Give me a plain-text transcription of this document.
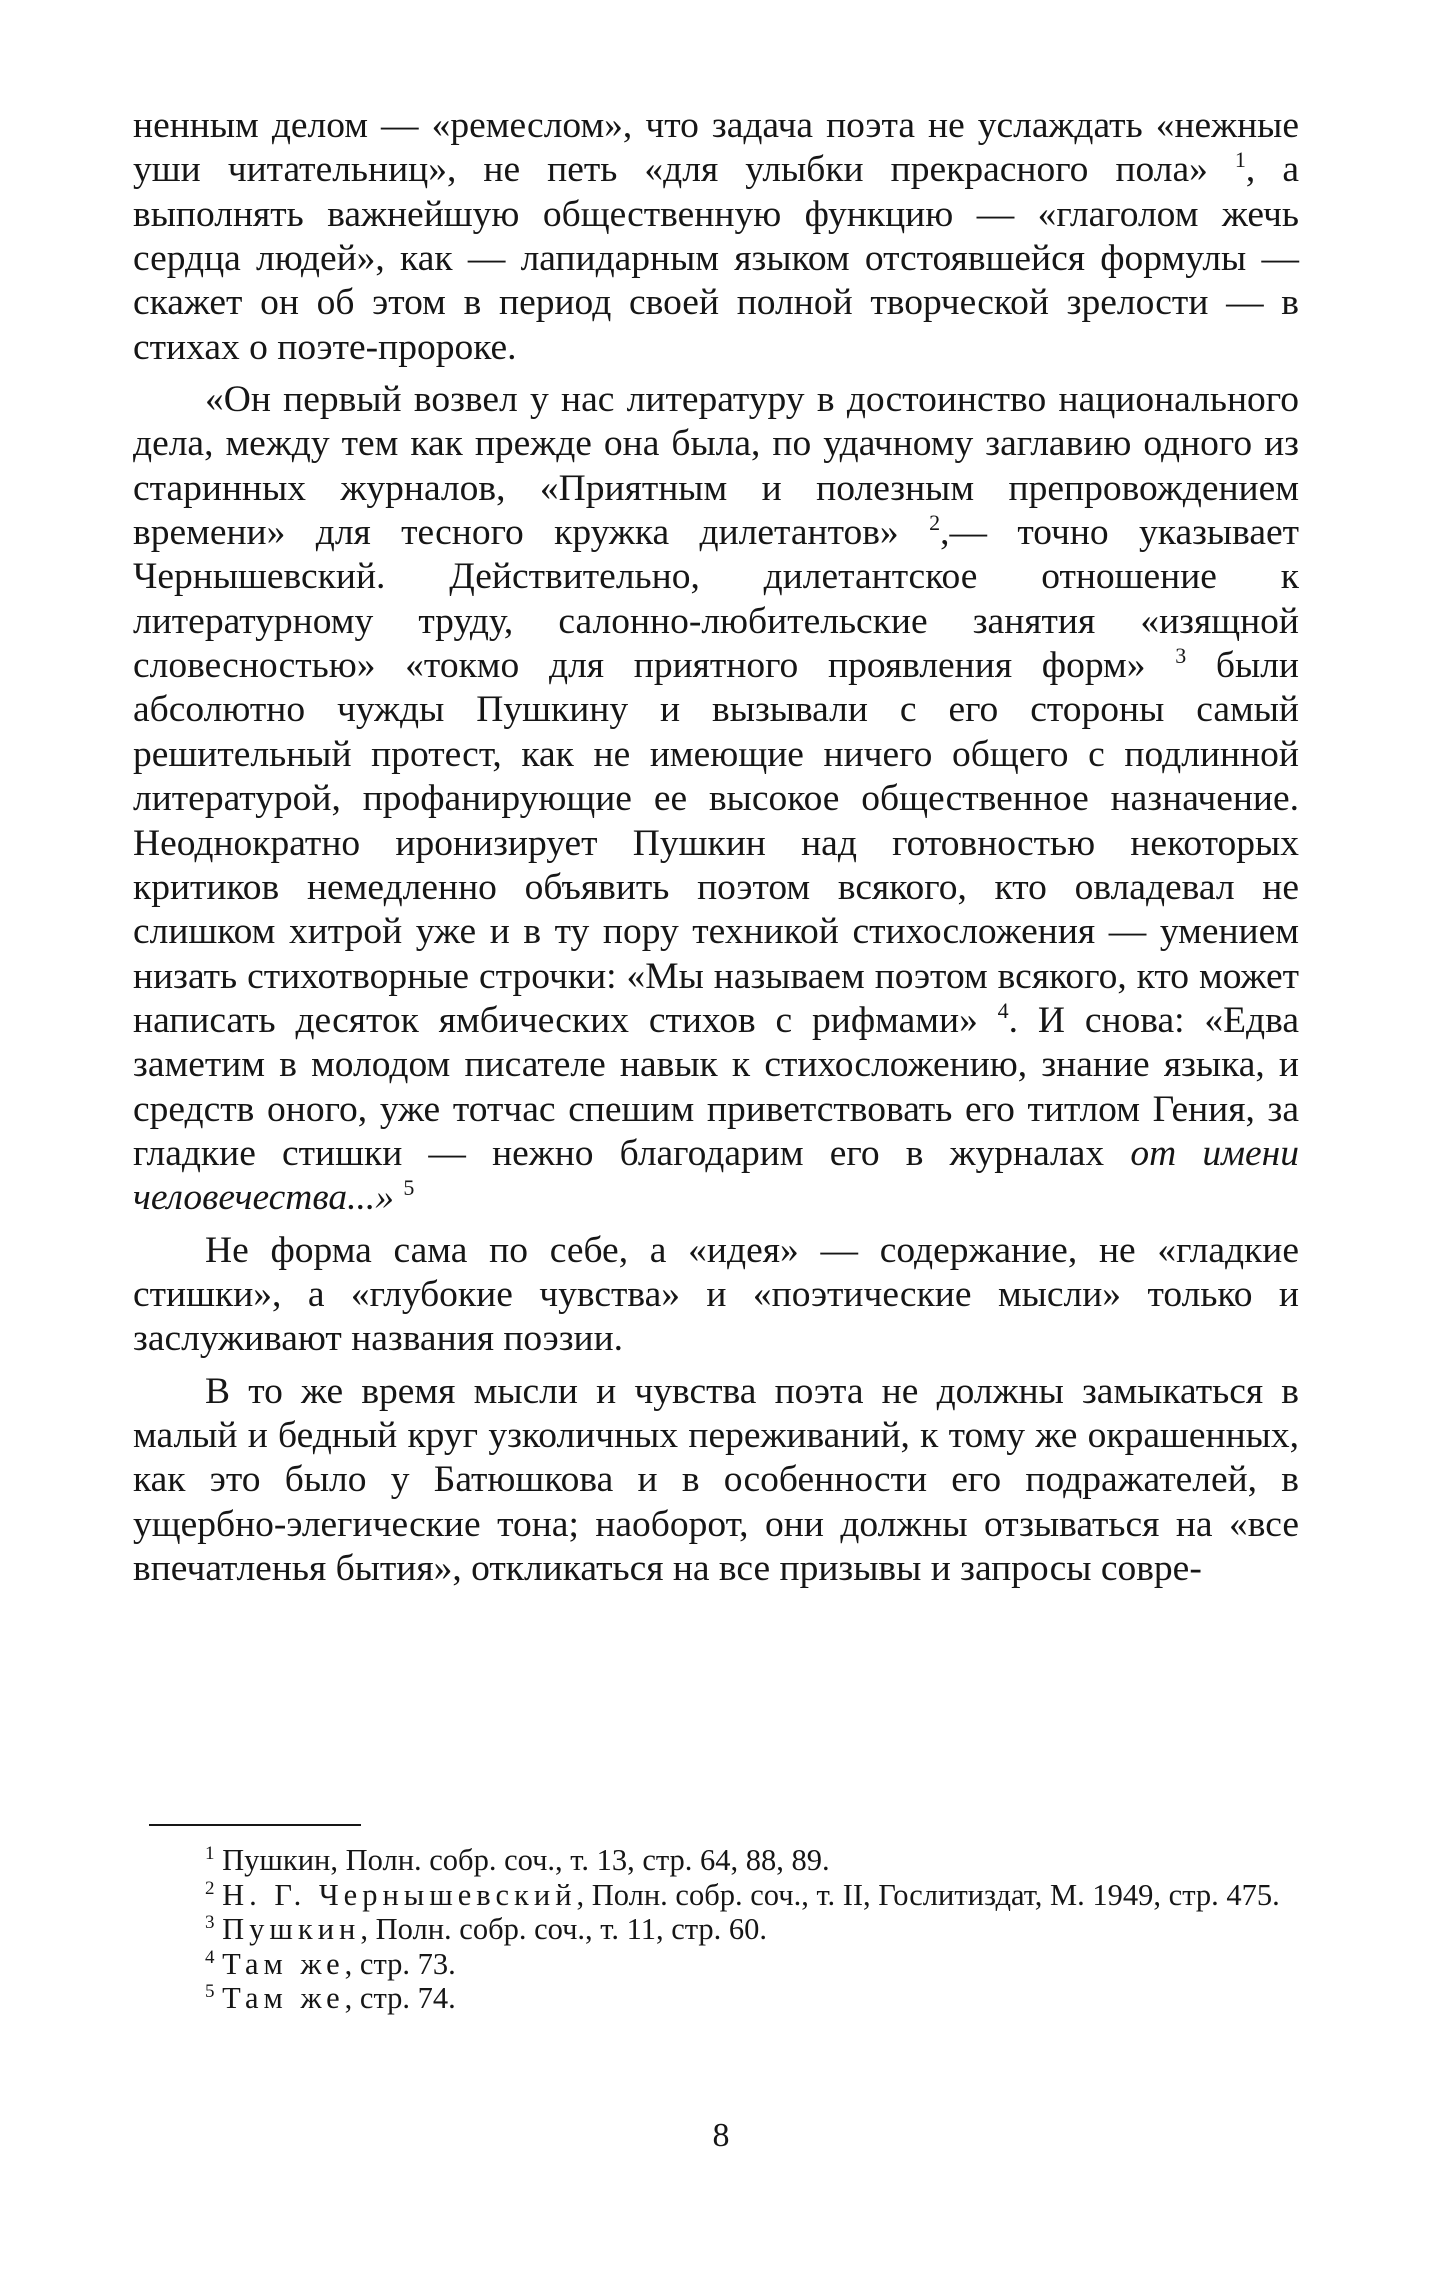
ненным делом — «ремеслом», что задача поэта не услаждать «нежные уши читательниц», не петь «для улыбки прекрасного пола» $^1$, а выполнять важнейшую общественную функцию — «глаголом жечь сердца людей», как — лапидарным языком отстоявшейся формулы — скажет он об этом в период своей полной творческой зрелости — в стихах о поэте-пророке.

«Он первый возвел у нас литературу в достоинство национального дела, между тем как прежде она была, по удачному заглавию одного из старинных журналов, «Приятным и полезным препровождением времени» для тесного кружка дилетантов» $^2$,— точно указывает Чернышевский. Действительно, дилетантское отношение к литературному труду, салонно-любительские занятия «изящной словесностью» «токмо для приятного проявления форм» $^3$ были абсолютно чужды Пушкину и вызывали с его стороны самый решительный протест, как не имеющие ничего общего с подлинной литературой, профанирующие ее высокое общественное назначение. Неоднократно иронизирует Пушкин над готовностью некоторых критиков немедленно объявить поэтом всякого, кто овладевал не слишком хитрой уже и в ту пору техникой стихосложения — умением низать стихотворные строчки: «Мы называем поэтом всякого, кто может написать десяток ямбических стихов с рифмами» $^4$. И снова: «Едва заметим в молодом писателе навык к стихосложению, знание языка, и средств оного, уже тотчас спешим приветствовать его титлом Гения, за гладкие стишки — нежно благодарим его в журналах от имени человечества...» $^5$

Не форма сама по себе, а «идея» — содержание, не «гладкие стишки», а «глубокие чувства» и «поэтические мысли» только и заслуживают названия поэзии.

В то же время мысли и чувства поэта не должны замыкаться в малый и бедный круг узколичных переживаний, к тому же окрашенных, как это было у Батюшкова и в особенности его подражателей, в ущербно-элегические тона; наоборот, они должны отзываться на «все впечатленья бытия», откликаться на все призывы и запросы совре-

$^1$ Пушкин, Полн. собр. соч., т. 13, стр. 64, 88, 89.

$^2$ Н. Г. Чернышевский, Полн. собр. соч., т. II, Гослитиздат, М. 1949, стр. 475.

$^3$ Пушкин, Полн. собр. соч., т. 11, стр. 60.

$^4$ Там же, стр. 73.

$^5$ Там же, стр. 74.

8
